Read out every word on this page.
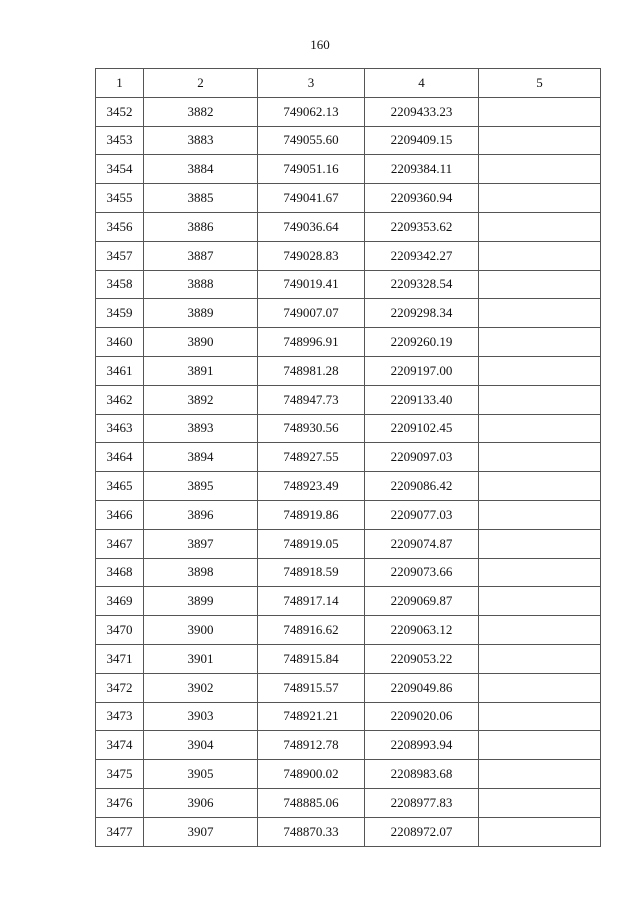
160
1	2	3	4	5
3452	3882	749062.13	2209433.23	
3453	3883	749055.60	2209409.15	
3454	3884	749051.16	2209384.11	
3455	3885	749041.67	2209360.94	
3456	3886	749036.64	2209353.62	
3457	3887	749028.83	2209342.27	
3458	3888	749019.41	2209328.54	
3459	3889	749007.07	2209298.34	
3460	3890	748996.91	2209260.19	
3461	3891	748981.28	2209197.00	
3462	3892	748947.73	2209133.40	
3463	3893	748930.56	2209102.45	
3464	3894	748927.55	2209097.03	
3465	3895	748923.49	2209086.42	
3466	3896	748919.86	2209077.03	
3467	3897	748919.05	2209074.87	
3468	3898	748918.59	2209073.66	
3469	3899	748917.14	2209069.87	
3470	3900	748916.62	2209063.12	
3471	3901	748915.84	2209053.22	
3472	3902	748915.57	2209049.86	
3473	3903	748921.21	2209020.06	
3474	3904	748912.78	2208993.94	
3475	3905	748900.02	2208983.68	
3476	3906	748885.06	2208977.83	
3477	3907	748870.33	2208972.07	
